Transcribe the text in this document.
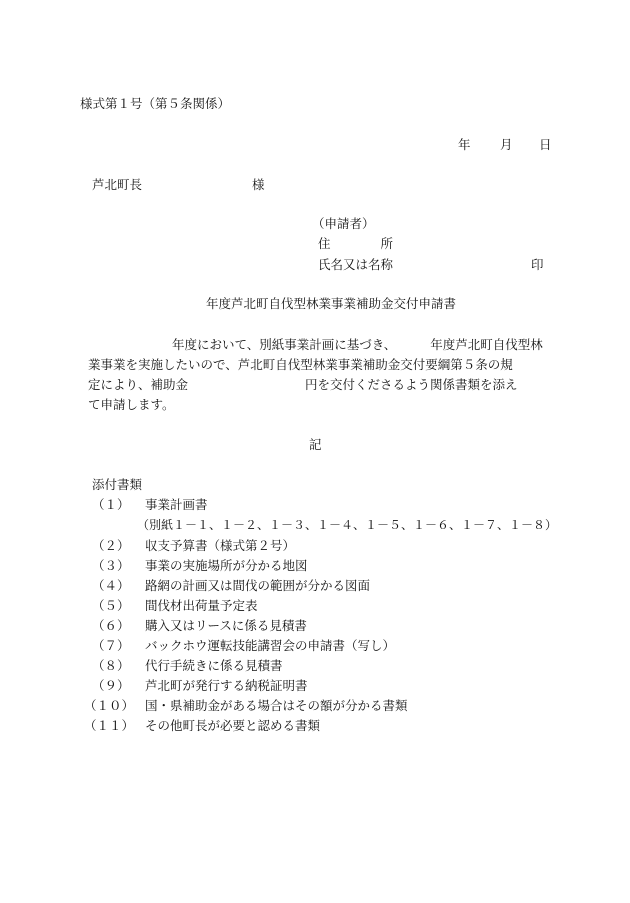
様式第１号（第５条関係）
年 月 日
芦北町長	様
（申請者）
住　　　　所
氏名又は名称	印
年度芦北町自伐型林業事業補助金交付申請書
年度において、別紙事業計画に基づき、	年度芦北町自伐型林
業事業を実施したいので、芦北町自伐型林業事業補助金交付要綱第５条の規
定により、補助金	円を交付くださるよう関係書類を添え
て申請します。
記
添付書類
（１） 事業計画書
（別紙１－１、１－２、１－３、１－４、１－５、１－６、１－７、１－８）
（２） 収支予算書（様式第２号）
（３） 事業の実施場所が分かる地図
（４） 路網の計画又は間伐の範囲が分かる図面
（５） 間伐材出荷量予定表
（６） 購入又はリースに係る見積書
（７） バックホウ運転技能講習会の申請書（写し）
（８） 代行手続きに係る見積書
（９） 芦北町が発行する納税証明書
（１０） 国・県補助金がある場合はその額が分かる書類
（１１） その他町長が必要と認める書類
